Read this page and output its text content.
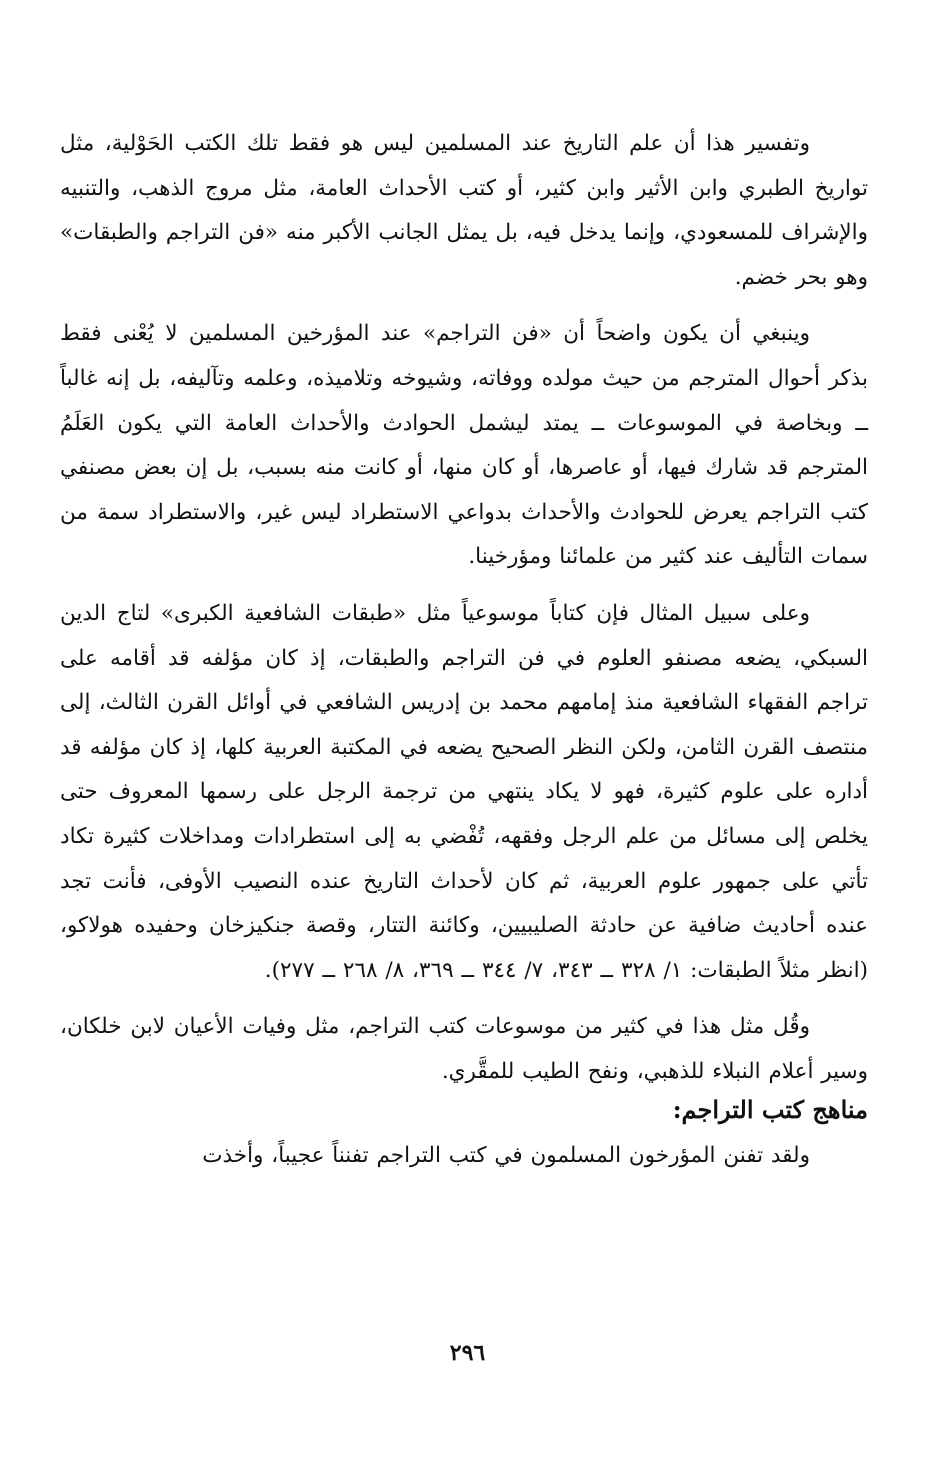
وتفسير هذا أن علم التاريخ عند المسلمين ليس هو فقط تلك الكتب الحَوْلية، مثل تواريخ الطبري وابن الأثير وابن كثير، أو كتب الأحداث العامة، مثل مروج الذهب، والتنبيه والإشراف للمسعودي، وإنما يدخل فيه، بل يمثل الجانب الأكبر منه «فن التراجم والطبقات» وهو بحر خضم.

وينبغي أن يكون واضحاً أن «فن التراجم» عند المؤرخين المسلمين لا يُعْنى فقط بذكر أحوال المترجم من حيث مولده ووفاته، وشيوخه وتلاميذه، وعلمه وتآليفه، بل إنه غالباً ــ وبخاصة في الموسوعات ــ يمتد ليشمل الحوادث والأحداث العامة التي يكون العَلَمُ المترجم قد شارك فيها، أو عاصرها، أو كان منها، أو كانت منه بسبب، بل إن بعض مصنفي كتب التراجم يعرض للحوادث والأحداث بدواعي الاستطراد ليس غير، والاستطراد سمة من سمات التأليف عند كثير من علمائنا ومؤرخينا.

وعلى سبيل المثال فإن كتاباً موسوعياً مثل «طبقات الشافعية الكبرى» لتاج الدين السبكي، يضعه مصنفو العلوم في فن التراجم والطبقات، إذ كان مؤلفه قد أقامه على تراجم الفقهاء الشافعية منذ إمامهم محمد بن إدريس الشافعي في أوائل القرن الثالث، إلى منتصف القرن الثامن، ولكن النظر الصحيح يضعه في المكتبة العربية كلها، إذ كان مؤلفه قد أداره على علوم كثيرة، فهو لا يكاد ينتهي من ترجمة الرجل على رسمها المعروف حتى يخلص إلى مسائل من علم الرجل وفقهه، تُفْضي به إلى استطرادات ومداخلات كثيرة تكاد تأتي على جمهور علوم العربية، ثم كان لأحداث التاريخ عنده النصيب الأوفى، فأنت تجد عنده أحاديث ضافية عن حادثة الصليبيين، وكائنة التتار، وقصة جنكيزخان وحفيده هولاكو، (انظر مثلاً الطبقات: ١/ ٣٢٨ ــ ٣٤٣، ٧/ ٣٤٤ ــ ٣٦٩، ٨/ ٢٦٨ ــ ٢٧٧).

وقُل مثل هذا في كثير من موسوعات كتب التراجم، مثل وفيات الأعيان لابن خلكان، وسير أعلام النبلاء للذهبي، ونفح الطيب للمقَّري.

مناهج كتب التراجم:

ولقد تفنن المؤرخون المسلمون في كتب التراجم تفنناً عجيباً، وأخذت

٢٩٦
